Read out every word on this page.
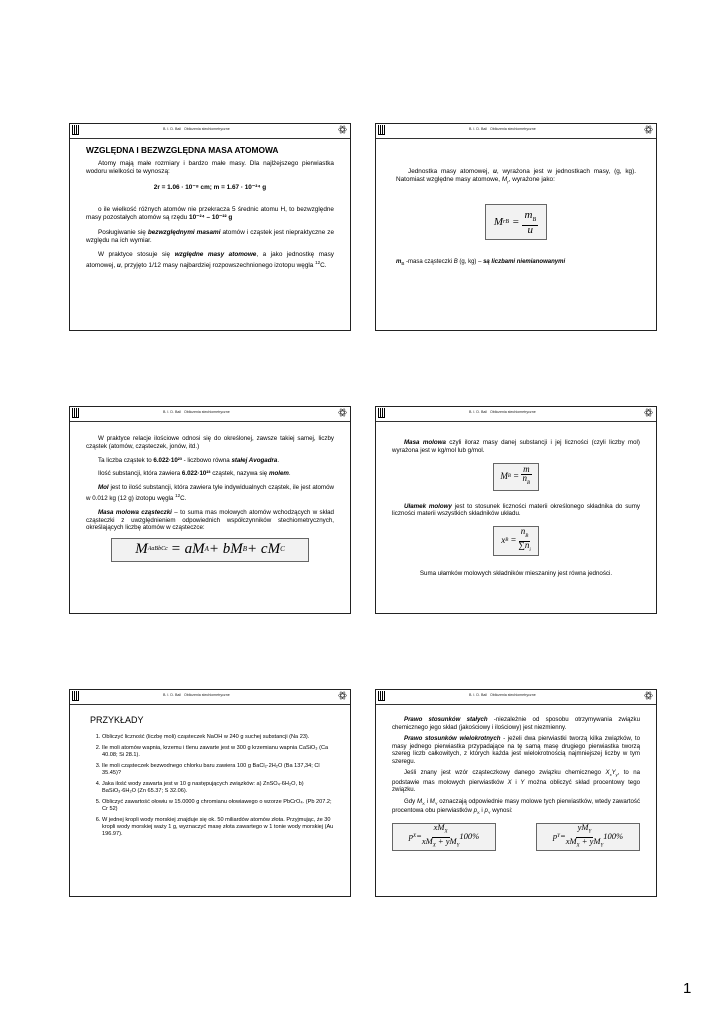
B. I. D. Bail Obliczenia stechiometryczne

WZGLĘDNA I BEZWZGLĘDNA MASA ATOMOWA

Atomy mają małe rozmiary i bardzo małe masy. Dla najlżejszego pierwiastka wodoru wielkości te wynoszą:

2r = 1.06 · 10⁻⁸ cm; m = 1.67 · 10⁻²⁴ g

o ile wielkość różnych atomów nie przekracza 5 średnic atomu H, to bezwzględne masy pozostałych atomów są rzędu 10⁻²⁴ – 10⁻²² g

Posługiwanie się bezwzględnymi masami atomów i cząstek jest niepraktyczne ze względu na ich wymiar.

W praktyce stosuje się względne masy atomowe, a jako jednostkę masy atomowej, u, przyjęto 1/12 masy najbardziej rozpowszechnionego izotopu węgla $^{12}$C.

B. I. D. Bail Obliczenia stechiometryczne

Jednostka masy atomowej, u, wyrażona jest w jednostkach masy, (g, kg). Natomiast względne masy atomowe, $M_r$, wyrażone jako:

M rB = $\frac{m_B}{u}$

$m_B$ -masa cząsteczki B (g, kg) – są liczbami niemianowanymi

B. I. D. Bail Obliczenia stechiometryczne

W praktyce relacje ilościowe odnosi się do określonej, zawsze takiej samej, liczby cząstek (atomów, cząsteczek, jonów, itd.)

Ta liczba cząstek to 6.022·10²³ - liczbowo równa stałej Avogadra.

Ilość substancji, która zawiera 6.022·10²³ cząstek, nazywa się molem.

Mol jest to ilość substancji, która zawiera tyle indywidualnych cząstek, ile jest atomów w 0.012 kg (12 g) izotopu węgla $^{12}$C.

Masa molowa cząsteczki – to suma mas molowych atomów wchodzących w skład cząsteczki z uwzględnieniem odpowiednich współczynników stechiometrycznych, określających liczbę atomów w cząsteczce:

M AaBbCc = aM A + bM B + cM C
B. I. D. Bail Obliczenia stechiometryczne

Masa molowa czyli iloraz masy danej substancji i jej liczności (czyli liczby mol) wyrażona jest w kg/mol lub g/mol.

M $B = \frac{m}{n_B}$

Ułamek molowy jest to stosunek liczności materii określonego składnika do sumy liczności materii wszystkich składników układu.

x $B = \frac{n_B}{\sum n_i}$

Suma ułamków molowych składników mieszaniny jest równa jedności.

B. I. D. Bail Obliczenia stechiometryczne

PRZYKŁADY

1. Obliczyć liczność (liczbę moli) cząsteczek NaOH w 240 g suchej substancji (Na 23).
2. Ile moli atomów wapnia, krzemu i tlenu zawarte jest w 300 g krzemianu wapnia CaSiO₃ (Ca 40.08; Si 28.1).
3. Ile moli cząsteczek bezwodnego chlorku baru zawiera 100 g BaCl₂·2H₂O (Ba 137,34; Cl 35.45)?
4. Jaka ilość wody zawarta jest w 10 g następujących związków: a) ZnSO₄·6H₂O, b) BaSiO₃·6H₂O (Zn 65.37; S 32.06).
5. Obliczyć zawartość ołowiu w 15.0000 g chromianu ołowiawego o wzorze PbCrO₄. (Pb 207.2; Cr 52)
6. W jednej kropli wody morskiej znajduje się ok. 50 miliardów atomów złota. Przyjmując, że 30 kropli wody morskiej waży 1 g, wyznaczyć masę złota zawartego w 1 tonie wody morskiej (Au 196.97).
B. I. D. Bail Obliczenia stechiometryczne

Prawo stosunków stałych -niezależnie od sposobu otrzymywania związku chemicznego jego skład (jakościowy i ilościowy) jest niezmienny.

Prawo stosunków wielokrotnych - jeżeli dwa pierwiastki tworzą kilka związków, to masy jednego pierwiastka przypadające na tę samą masę drugiego pierwiastka tworzą szereg liczb całkowitych, z których każda jest wielokrotnością najmniejszej liczby w tym szeregu.

Jeśli znany jest wzór cząsteczkowy danego związku chemicznego $X_xY_y$, to na podstawie mas molowych pierwiastków X i Y można obliczyć skład procentowy tego związku.

Gdy $M_X$ i $M_Y$ oznaczają odpowiednie masy molowe tych pierwiastków, wtedy zawartość procentowa obu pierwiastków $p_X$ i $p_Y$ wynosi:

p $X = \frac{xM_X}{xM_X + yM_Y} 100\%$	p $Y = \frac{yM_Y}{xM_X + yM_Y} 100\%$
1
